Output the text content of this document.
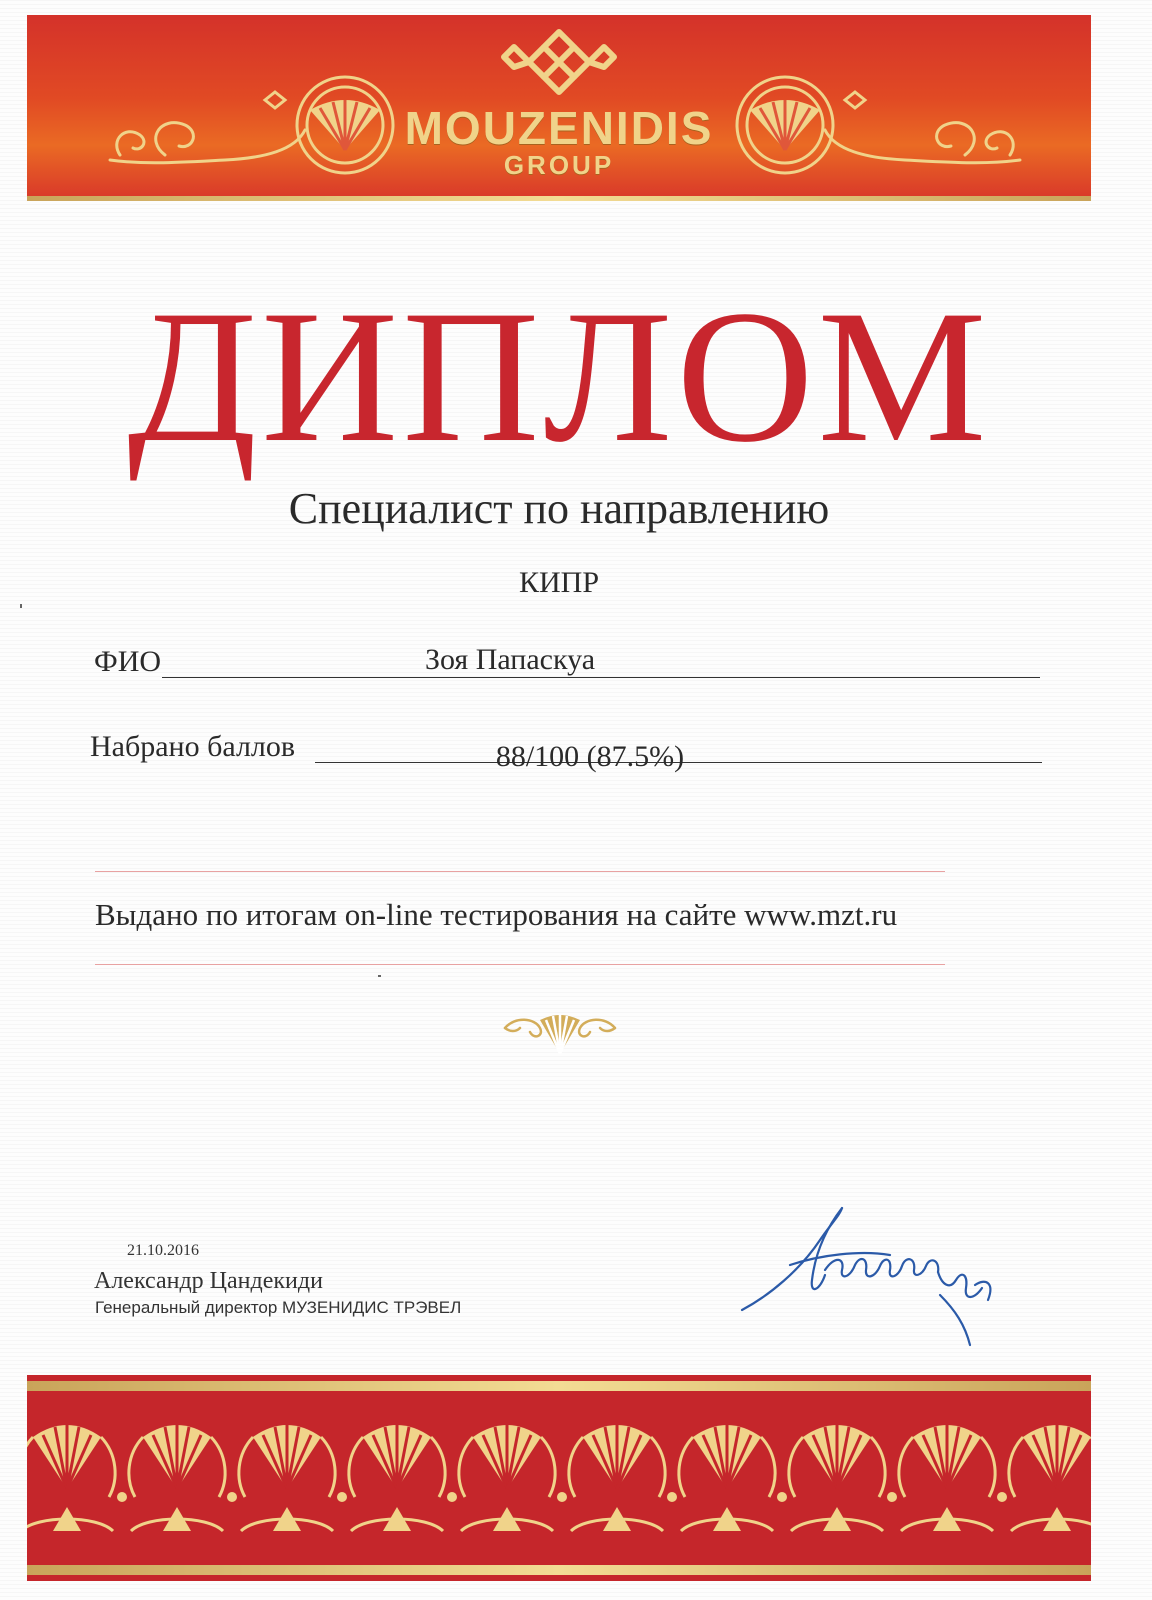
MOUZENIDIS
GROUP
ДИПЛОМ
Специалист по направлению
КИПР
ФИО	Зоя Папаскуа
Набрано баллов	88/100 (87.5%)
Выдано по итогам on-line тестирования на сайте www.mzt.ru
21.10.2016
Александр Цандекиди
Генеральный директор МУЗЕНИДИС ТРЭВЕЛ
